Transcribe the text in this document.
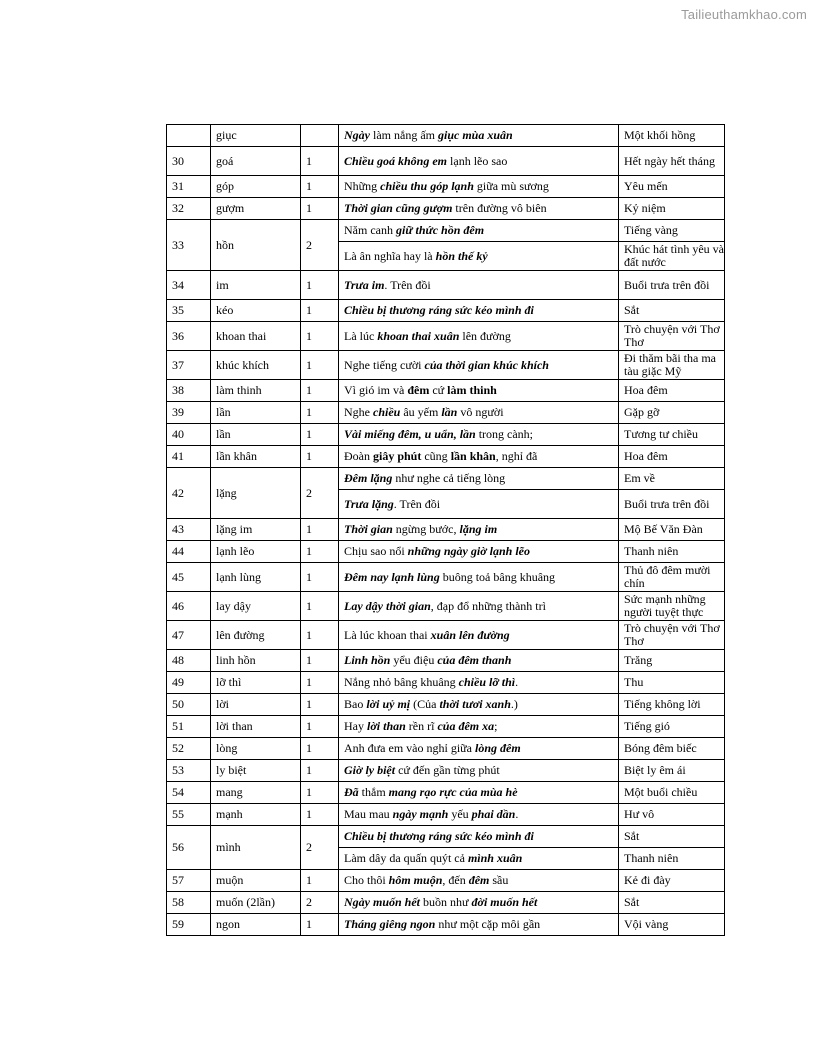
Tailieuthamkhao.com
	giục		Ngày làm nắng ấm giục mùa xuân	Một khối hồng
30	goá	1	Chiều goá không em lạnh lẽo sao	Hết ngày hết tháng
31	góp	1	Những chiều thu góp lạnh giữa mù sương	Yêu mến
32	gượm	1	Thời gian cũng gượm trên đường vô biên	Kỷ niệm
33	hồn	2	Năm canh giữ thức hồn đêm	Tiếng vàng
			Là ân nghĩa hay là hồn thế kỷ	Khúc hát tình yêu và đất nước
34	im	1	Trưa im. Trên đồi	Buổi trưa trên đồi
35	kéo	1	Chiều bị thương ráng sức kéo mình đi	Sắt
36	khoan thai	1	Là lúc khoan thai xuân lên đường	Trò chuyện với Thơ Thơ
37	khúc khích	1	Nghe tiếng cười của thời gian khúc khích	Đi thăm bãi tha ma tàu giặc Mỹ
38	làm thinh	1	Vì gió im và đêm cứ làm thinh	Hoa đêm
39	lần	1	Nghe chiều âu yếm lần vô người	Gặp gỡ
40	lần	1	Vài miếng đêm, u uẩn, lần trong cành;	Tương tư chiều
41	lần khân	1	Đoàn giây phút cũng lần khân, nghỉ đã	Hoa đêm
42	lặng	2	Đêm lặng như nghe cả tiếng lòng	Em về
			Trưa lặng. Trên đồi	Buổi trưa trên đồi
43	lặng im	1	Thời gian ngừng bước, lặng im	Mộ Bế Văn Đàn
44	lạnh lẽo	1	Chịu sao nổi những ngày giờ lạnh lẽo	Thanh niên
45	lạnh lùng	1	Đêm nay lạnh lùng buông toả bâng khuâng	Thủ đô đêm mười chín
46	lay dậy	1	Lay dậy thời gian, đạp đổ những thành trì	Sức mạnh những người tuyệt thực
47	lên đường	1	Là lúc khoan thai xuân lên đường	Trò chuyện với Thơ Thơ
48	linh hồn	1	Linh hồn yểu điệu của đêm thanh	Trăng
49	lỡ thì	1	Nắng nhỏ bâng khuâng chiều lỡ thì.	Thu
50	lời	1	Bao lời uỷ mị (Của thời tươi xanh.)	Tiếng không lời
51	lời than	1	Hay lời than rền rĩ của đêm xa;	Tiếng gió
52	lòng	1	Anh đưa em vào nghỉ giữa lòng đêm	Bóng đêm biếc
53	ly biệt	1	Giờ ly biệt cứ đến gần từng phút	Biệt ly êm ái
54	mang	1	Đã thắm mang rạo rực của mùa hè	Một buổi chiều
55	mạnh	1	Mau mau ngày mạnh yếu phai dần.	Hư vô
56	mình	2	Chiều bị thương ráng sức kéo mình đi	Sắt
			Làm dây da quấn quýt cả mình xuân	Thanh niên
57	muộn	1	Cho thôi hôm muộn, đến đêm sầu	Kẻ đi đày
58	muốn (2lần)	2	Ngày muốn hết buồn như đời muốn hết	Sắt
59	ngon	1	Tháng giêng ngon như một cặp môi gần	Vội vàng
